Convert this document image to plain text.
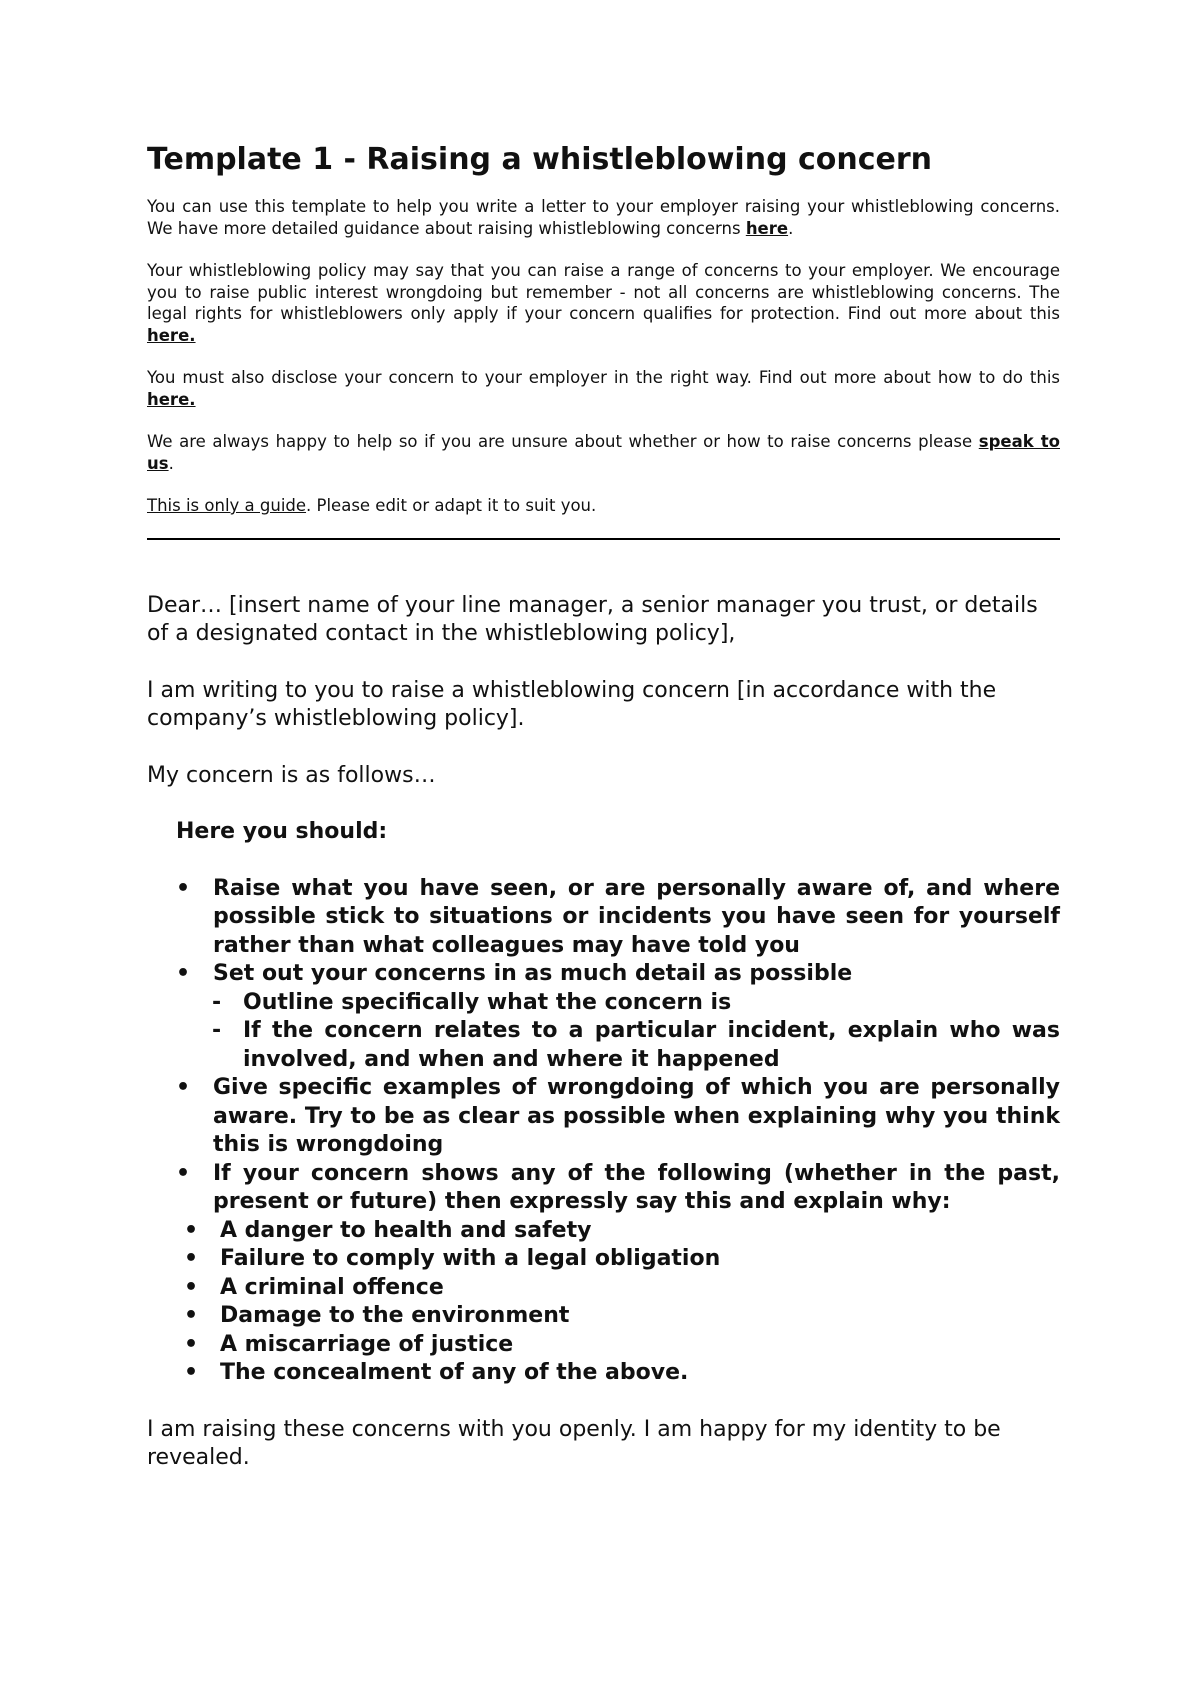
Template 1 - Raising a whistleblowing concern

You can use this template to help you write a letter to your employer raising your whistleblowing concerns. We have more detailed guidance about raising whistleblowing concerns here.

Your whistleblowing policy may say that you can raise a range of concerns to your employer. We encourage you to raise public interest wrongdoing but remember - not all concerns are whistleblowing concerns. The legal rights for whistleblowers only apply if your concern qualifies for protection. Find out more about this here.

You must also disclose your concern to your employer in the right way. Find out more about how to do this here.

We are always happy to help so if you are unsure about whether or how to raise concerns please speak to us.

This is only a guide. Please edit or adapt it to suit you.

Dear… [insert name of your line manager, a senior manager you trust, or details of a designated contact in the whistleblowing policy],

I am writing to you to raise a whistleblowing concern [in accordance with the company’s whistleblowing policy].

My concern is as follows…

Here you should:

• Raise what you have seen, or are personally aware of, and where possible stick to situations or incidents you have seen for yourself rather than what colleagues may have told you
• Set out your concerns in as much detail as possible
- Outline specifically what the concern is
- If the concern relates to a particular incident, explain who was involved, and when and where it happened
• Give specific examples of wrongdoing of which you are personally aware. Try to be as clear as possible when explaining why you think this is wrongdoing
• If your concern shows any of the following (whether in the past, present or future) then expressly say this and explain why:
• A danger to health and safety
• Failure to comply with a legal obligation
• A criminal offence
• Damage to the environment
• A miscarriage of justice
• The concealment of any of the above.

I am raising these concerns with you openly. I am happy for my identity to be revealed.
